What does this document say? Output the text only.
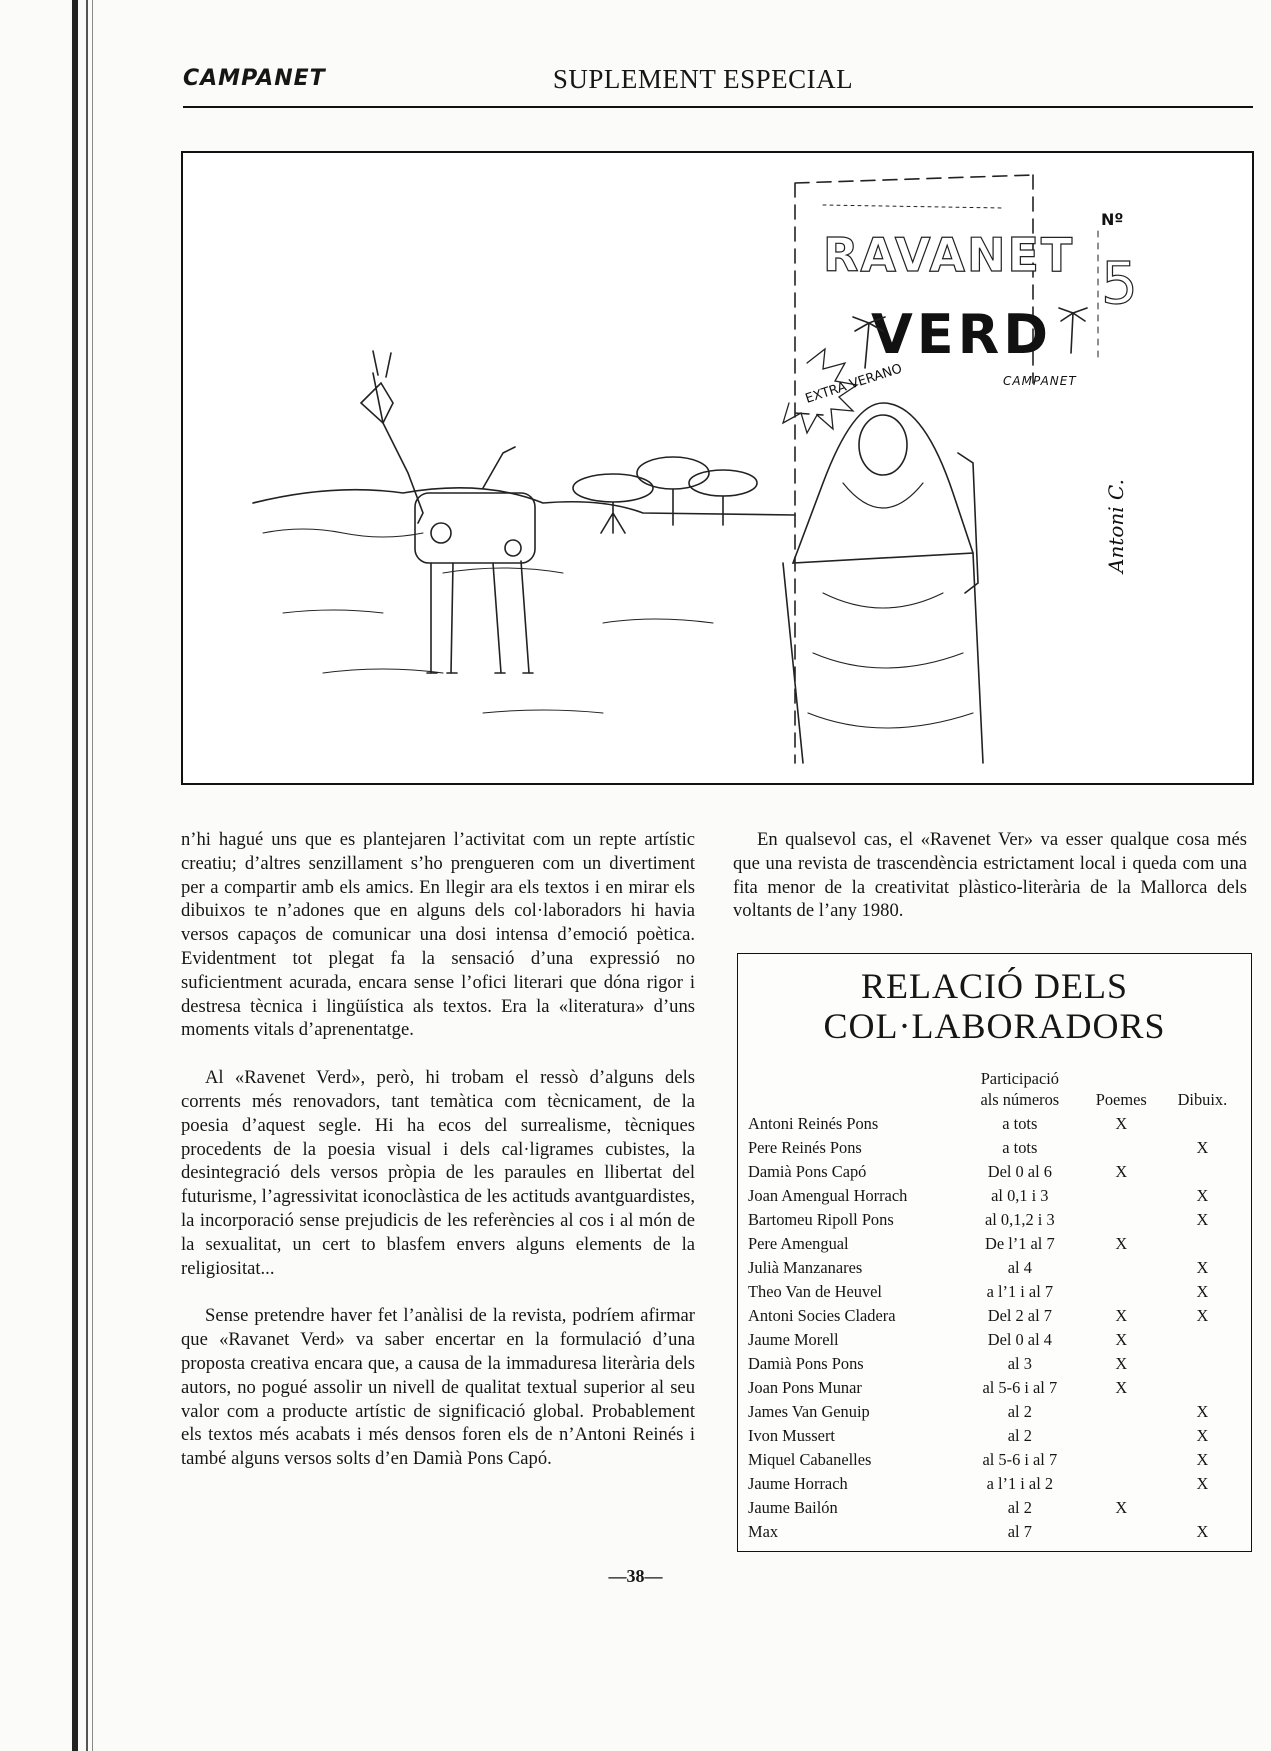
CAMPANET	SUPLEMENT ESPECIAL
RAVANET
VERD
EXTRA VERANO
Nº
5
CAMPANET
Antoni C.

n’hi hagué uns que es plantejaren l’activitat com un repte artístic creatiu; d’altres senzillament s’ho prengueren com un divertiment per a compartir amb els amics. En llegir ara els textos i en mirar els dibuixos te n’adones que en alguns dels col·laboradors hi havia versos capaços de comunicar una dosi intensa d’emoció poètica. Evidentment tot plegat fa la sensació d’una expressió no suficientment acurada, encara sense l’ofici literari que dóna rigor i destresa tècnica i lingüística als textos. Era la «literatura» d’uns moments vitals d’aprenentatge.

Al «Ravenet Verd», però, hi trobam el ressò d’alguns dels corrents més renovadors, tant temàtica com tècnicament, de la poesia d’aquest segle. Hi ha ecos del surrealisme, tècniques procedents de la poesia visual i dels cal·ligrames cubistes, la desintegració dels versos pròpia de les paraules en llibertat del futurisme, l’agressivitat iconoclàstica de les actituds avantguardistes, la incorporació sense prejudicis de les referències al cos i al món de la sexualitat, un cert to blasfem envers alguns elements de la religiositat...

Sense pretendre haver fet l’anàlisi de la revista, podríem afirmar que «Ravanet Verd» va saber encertar en la formulació d’una proposta creativa encara que, a causa de la immaduresa literària dels autors, no pogué assolir un nivell de qualitat textual superior al seu valor com a producte artístic de significació global. Probablement els textos més acabats i més densos foren els de n’Antoni Reinés i també alguns versos solts d’en Damià Pons Capó.

En qualsevol cas, el «Ravenet Ver» va esser qualque cosa més que una revista de trascendència estrictament local i queda com una fita menor de la creativitat plàstico-literària de la Mallorca dels voltants de l’any 1980.

RELACIÓ DELS
COL·LABORADORS
	Participació
als números	Poemes	Dibuix.
Antoni Reinés Pons	a tots	X	
Pere Reinés Pons	a tots		X
Damià Pons Capó	Del 0 al 6	X	
Joan Amengual Horrach	al 0,1 i 3		X
Bartomeu Ripoll Pons	al 0,1,2 i 3		X
Pere Amengual	De l’1 al 7	X	
Julià Manzanares	al 4		X
Theo Van de Heuvel	a l’1 i al 7		X
Antoni Socies Cladera	Del 2 al 7	X	X
Jaume Morell	Del 0 al 4	X	
Damià Pons Pons	al 3	X	
Joan Pons Munar	al 5-6 i al 7	X	
James Van Genuip	al 2		X
Ivon Mussert	al 2		X
Miquel Cabanelles	al 5-6 i al 7		X
Jaume Horrach	a l’1 i al 2		X
Jaume Bailón	al 2	X	
Max	al 7		X
—38—
